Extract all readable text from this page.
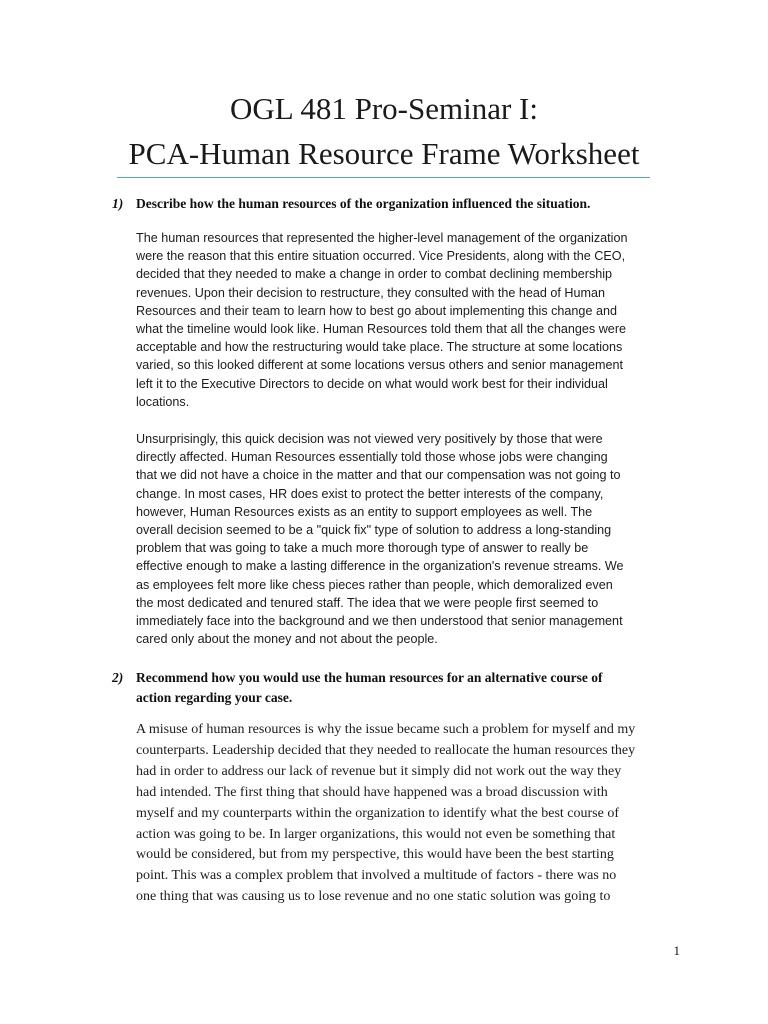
OGL 481 Pro-Seminar I:
PCA-Human Resource Frame Worksheet
1) Describe how the human resources of the organization influenced the situation.
The human resources that represented the higher-level management of the organization
were the reason that this entire situation occurred. Vice Presidents, along with the CEO,
decided that they needed to make a change in order to combat declining membership
revenues. Upon their decision to restructure, they consulted with the head of Human
Resources and their team to learn how to best go about implementing this change and
what the timeline would look like. Human Resources told them that all the changes were
acceptable and how the restructuring would take place. The structure at some locations
varied, so this looked different at some locations versus others and senior management
left it to the Executive Directors to decide on what would work best for their individual
locations.
Unsurprisingly, this quick decision was not viewed very positively by those that were
directly affected. Human Resources essentially told those whose jobs were changing
that we did not have a choice in the matter and that our compensation was not going to
change. In most cases, HR does exist to protect the better interests of the company,
however, Human Resources exists as an entity to support employees as well. The
overall decision seemed to be a "quick fix" type of solution to address a long-standing
problem that was going to take a much more thorough type of answer to really be
effective enough to make a lasting difference in the organization's revenue streams. We
as employees felt more like chess pieces rather than people, which demoralized even
the most dedicated and tenured staff. The idea that we were people first seemed to
immediately face into the background and we then understood that senior management
cared only about the money and not about the people.
2) Recommend how you would use the human resources for an alternative course of
action regarding your case.
A misuse of human resources is why the issue became such a problem for myself and my
counterparts. Leadership decided that they needed to reallocate the human resources they
had in order to address our lack of revenue but it simply did not work out the way they
had intended. The first thing that should have happened was a broad discussion with
myself and my counterparts within the organization to identify what the best course of
action was going to be. In larger organizations, this would not even be something that
would be considered, but from my perspective, this would have been the best starting
point. This was a complex problem that involved a multitude of factors - there was no
one thing that was causing us to lose revenue and no one static solution was going to
1
